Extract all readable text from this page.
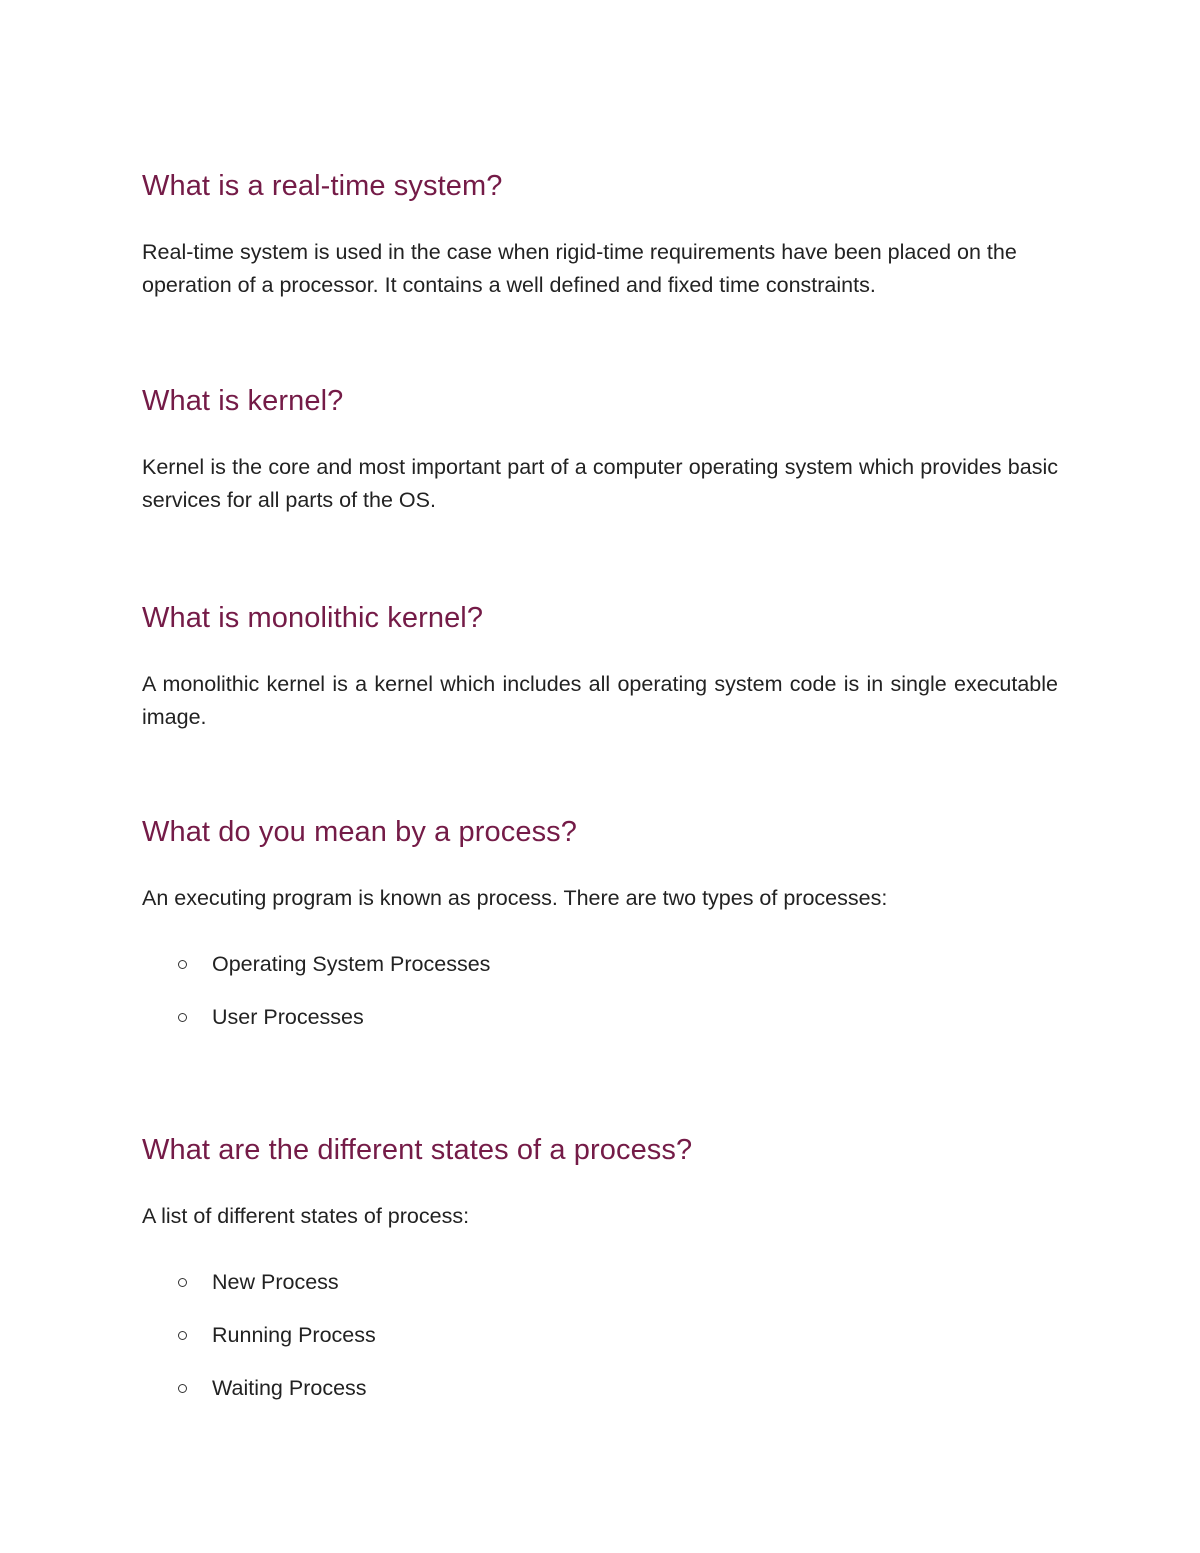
What is a real-time system?

Real-time system is used in the case when rigid-time requirements have been placed on the operation of a processor. It contains a well defined and fixed time constraints.

What is kernel?

Kernel is the core and most important part of a computer operating system which provides basic services for all parts of the OS.

What is monolithic kernel?

A monolithic kernel is a kernel which includes all operating system code is in single executable image.

What do you mean by a process?

An executing program is known as process. There are two types of processes:

Operating System Processes
User Processes
What are the different states of a process?

A list of different states of process:

New Process
Running Process
Waiting Process
